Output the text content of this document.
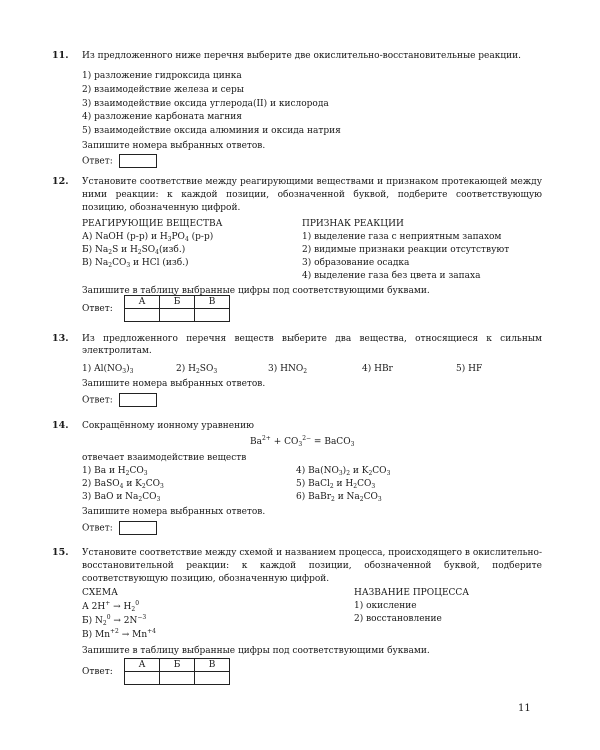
11. Из предложенного ниже перечня выберите две окислительно-восстановительные реакции.
1) разложение гидроксида цинка
2) взаимодействие железа и серы
3) взаимодействие оксида углерода(II) и кислорода
4) разложение карбоната магния
5) взаимодействие оксида алюминия и оксида натрия
Запишите номера выбранных ответов.
Ответ:
12. Установите соответствие между реагирующими веществами и признаком протекающей между ними реакции: к каждой позиции, обозначенной буквой, подберите соответствующую позицию, обозначенную цифрой.
РЕАГИРУЮЩИЕ ВЕЩЕСТВА	ПРИЗНАК РЕАКЦИИ
А) NaOH (р-р) и $H_3PO_4$ (р-р)
Б) $Na_2S$ и $H_2SO_4(изб.)$
В) $Na_2CO_3$ и HCl (изб.)
1) выделение газа с неприятным запахом
2) видимые признаки реакции отсутствуют
3) образование осадка
4) выделение газа без цвета и запаха
Запишите в таблицу выбранные цифры под соответствующими буквами.
Ответ:
А	Б	В

13. Из предложенного перечня веществ выберите два вещества, относящиеся к сильным электролитам.
1) $Al(NO_3)_3$	2) $H_2SO_3$	3) $HNO_2$	4) HBr	5) HF
Запишите номера выбранных ответов.
Ответ:
14. Сокращённому ионному уравнению
$Ba^{2+} + CO_3^{2-}$ = BaCO$_3$
отвечает взаимодействие веществ
1) Ba и $H_2CO_3$
2) BaSO$_4$ и $K_2CO_3$
3) BaO и $Na_2CO_3$
4) $Ba(NO_3)_2$ и $K_2CO_3$
5) BaCl$_2$ и $H_2CO_3$
6) BaBr$_2$ и $Na_2CO_3$
Запишите номера выбранных ответов.
Ответ:
15. Установите соответствие между схемой и названием процесса, происходящего в окислительно-восстановительной реакции: к каждой позиции, обозначенной буквой, подберите соответствующую позицию, обозначенную цифрой.
СХЕМА	НАЗВАНИЕ ПРОЦЕССА
А $2H^+ \to H_2^0$
Б) $N_2^0 \to 2N^{-3}$
В) $Mn^{+2} \to Mn^{+4}$
1) окисление
2) восстановление
Запишите в таблицу выбранные цифры под соответствующими буквами.
Ответ:
А	Б	В

11
